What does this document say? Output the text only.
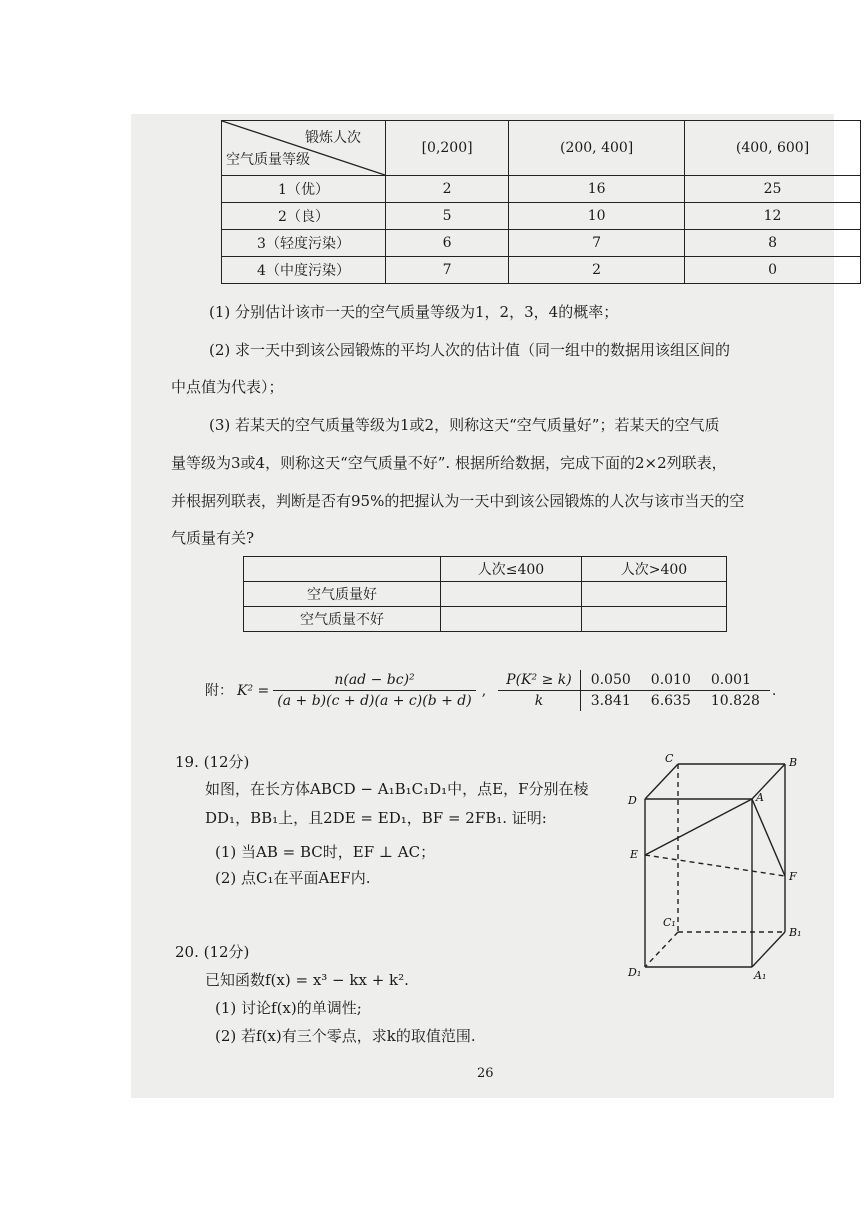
锻炼人次
空气质量等级	[0,200]	(200, 400]	(400, 600]
1（优）	2	16	25
2（良）	5	10	12
3（轻度污染）	6	7	8
4（中度污染）	7	2	0
(1) 分别估计该市一天的空气质量等级为1，2，3，4的概率；
(2) 求一天中到该公园锻炼的平均人次的估计值（同一组中的数据用该组区间的
中点值为代表）；
(3) 若某天的空气质量等级为1或2，则称这天“空气质量好”；若某天的空气质
量等级为3或4，则称这天“空气质量不好”. 根据所给数据，完成下面的2×2列联表，
并根据列联表，判断是否有95%的把握认为一天中到该公园锻炼的人次与该市当天的空
气质量有关?
	人次≤400	人次>400
空气质量好		
空气质量不好		
附： $K^2 = \frac{\text{n(ad − bc)²}}{(a + b)(c + d)(a + c)(b + d)}$ ,
P(K² ≥ k)	0.050	0.010	0.001
k	3.841	6.635	10.828
.
19. (12分)
如图，在长方体ABCD − A₁B₁C₁D₁中，点E，F分别在棱
DD₁，BB₁上，且2DE = ED₁，BF = 2FB₁. 证明:
(1) 当AB = BC时，EF ⊥ AC；
(2) 点C₁在平面AEF内.
20. (12分)
已知函数f(x) = x³ − kx + k².
(1) 讨论f(x)的单调性;
(2) 若f(x)有三个零点，求k的取值范围.
C	B
D	A
E
F
C₁
B₁
D₁	A₁
26
